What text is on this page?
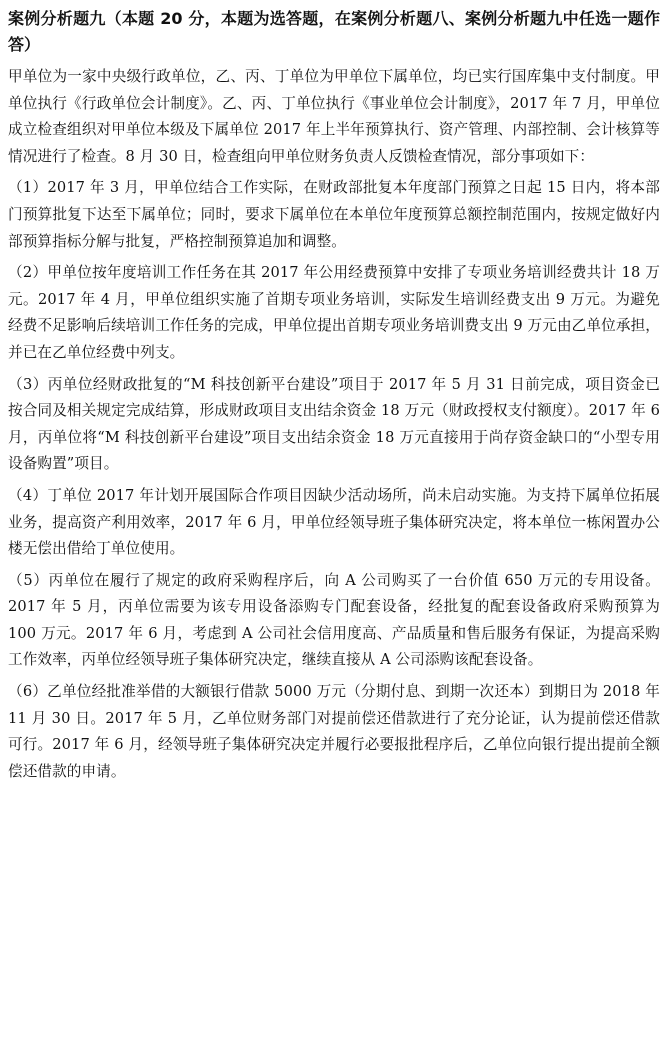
案例分析题九（本题 20 分，本题为选答题，在案例分析题八、案例分析题九中任选一题作答）

甲单位为一家中央级行政单位，乙、丙、丁单位为甲单位下属单位，均已实行国库集中支付制度。甲单位执行《行政单位会计制度》。乙、丙、丁单位执行《事业单位会计制度》，2017 年 7 月，甲单位成立检查组织对甲单位本级及下属单位 2017 年上半年预算执行、资产管理、内部控制、会计核算等情况进行了检查。8 月 30 日，检查组向甲单位财务负责人反馈检查情况，部分事项如下：

（1）2017 年 3 月，甲单位结合工作实际，在财政部批复本年度部门预算之日起 15 日内，将本部门预算批复下达至下属单位；同时，要求下属单位在本单位年度预算总额控制范围内，按规定做好内部预算指标分解与批复，严格控制预算追加和调整。

（2）甲单位按年度培训工作任务在其 2017 年公用经费预算中安排了专项业务培训经费共计 18 万元。2017 年 4 月，甲单位组织实施了首期专项业务培训，实际发生培训经费支出 9 万元。为避免经费不足影响后续培训工作任务的完成，甲单位提出首期专项业务培训费支出 9 万元由乙单位承担，并已在乙单位经费中列支。

（3）丙单位经财政批复的“M 科技创新平台建设”项目于 2017 年 5 月 31 日前完成，项目资金已按合同及相关规定完成结算，形成财政项目支出结余资金 18 万元（财政授权支付额度）。2017 年 6 月，丙单位将“M 科技创新平台建设”项目支出结余资金 18 万元直接用于尚存资金缺口的“小型专用设备购置”项目。

（4）丁单位 2017 年计划开展国际合作项目因缺少活动场所，尚未启动实施。为支持下属单位拓展业务，提高资产利用效率，2017 年 6 月，甲单位经领导班子集体研究决定，将本单位一栋闲置办公楼无偿出借给丁单位使用。

（5）丙单位在履行了规定的政府采购程序后，向 A 公司购买了一台价值 650 万元的专用设备。2017 年 5 月，丙单位需要为该专用设备添购专门配套设备，经批复的配套设备政府采购预算为 100 万元。2017 年 6 月，考虑到 A 公司社会信用度高、产品质量和售后服务有保证，为提高采购工作效率，丙单位经领导班子集体研究决定，继续直接从 A 公司添购该配套设备。

（6）乙单位经批准举借的大额银行借款 5000 万元（分期付息、到期一次还本）到期日为 2018 年 11 月 30 日。2017 年 5 月，乙单位财务部门对提前偿还借款进行了充分论证，认为提前偿还借款可行。2017 年 6 月，经领导班子集体研究决定并履行必要报批程序后，乙单位向银行提出提前全额偿还借款的申请。
